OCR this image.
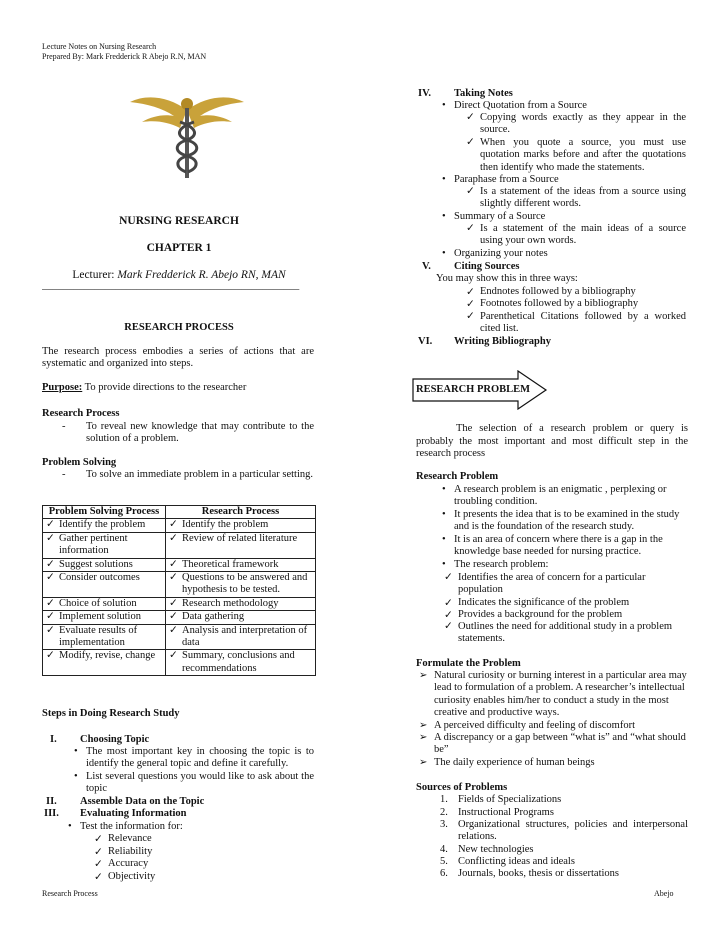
Lecture Notes on Nursing Research
Prepared By: Mark Fredderick R Abejo R.N, MAN
NURSING RESEARCH
CHAPTER 1
Lecturer: Mark Fredderick R. Abejo RN, MAN
_________________________________________________
RESEARCH PROCESS
The research process embodies a series of actions that are systematic and organized into steps.
Purpose: To provide directions to the researcher
Research Process
- To reveal new knowledge that may contribute to the solution of a problem.
Problem Solving
- To solve an immediate problem in a particular setting.
Problem Solving Process	Research Process

✓ Identify the problem	✓ Identify the problem

✓ Gather pertinent information	✓ Review of related literature

✓ Suggest solutions	✓ Theoretical framework

✓ Consider outcomes	✓ Questions to be answered and hypothesis to be tested.

✓ Choice of solution	✓ Research methodology

✓ Implement solution	✓ Data gathering

✓ Evaluate results of implementation	✓ Analysis and interpretation of data

✓ Modify, revise, change	✓ Summary, conclusions and recommendations
Steps in Doing Research Study
I. Choosing Topic
• The most important key in choosing the topic is to identify the general topic and define it carefully.
• List several questions you would like to ask about the topic
II. Assemble Data on the Topic
III. Evaluating Information
• Test the information for:
✓ Relevance
✓ Reliability
✓ Accuracy
✓ Objectivity
IV. Taking Notes
• Direct Quotation from a Source
✓ Copying words exactly as they appear in the source.
✓ When you quote a source, you must use quotation marks before and after the quotations then identify who made the statements.
• Paraphase from a Source
✓ Is a statement of the ideas from a source using slightly different words.
• Summary of a Source
✓ Is a statement of the main ideas of a source using your own words.
• Organizing your notes
V. Citing Sources
You may show this in three ways:
✓ Endnotes followed by a bibliography
✓ Footnotes followed by a bibliography
✓ Parenthetical Citations followed by a worked cited list.
VI. Writing Bibliography
RESEARCH PROBLEM
The selection of a research problem or query is probably the most important and most difficult step in the research process
Research Problem
• A research problem is an enigmatic , perplexing or troubling condition.
• It presents the idea that is to be examined in the study and is the foundation of the research study.
• It is an area of concern where there is a gap in the knowledge base needed for nursing practice.
• The research problem:
✓ Identifies the area of concern for a particular population
✓ Indicates the significance of the problem
✓ Provides a background for the problem
✓ Outlines the need for additional study in a problem statements.
Formulate the Problem
➢ Natural curiosity or burning interest in a particular area may lead to formulation of a problem. A researcher’s intellectual curiosity enables him/her to conduct a study in the most creative and productive ways.
➢ A perceived difficulty and feeling of discomfort
➢ A discrepancy or a gap between “what is” and “what should be”
➢ The daily experience of human beings
Sources of Problems
1. Fields of Specializations
2. Instructional Programs
3. Organizational structures, policies and interpersonal relations.
4. New technologies
5. Conflicting ideas and ideals
6. Journals, books, thesis or dissertations
Research Process	Abejo
